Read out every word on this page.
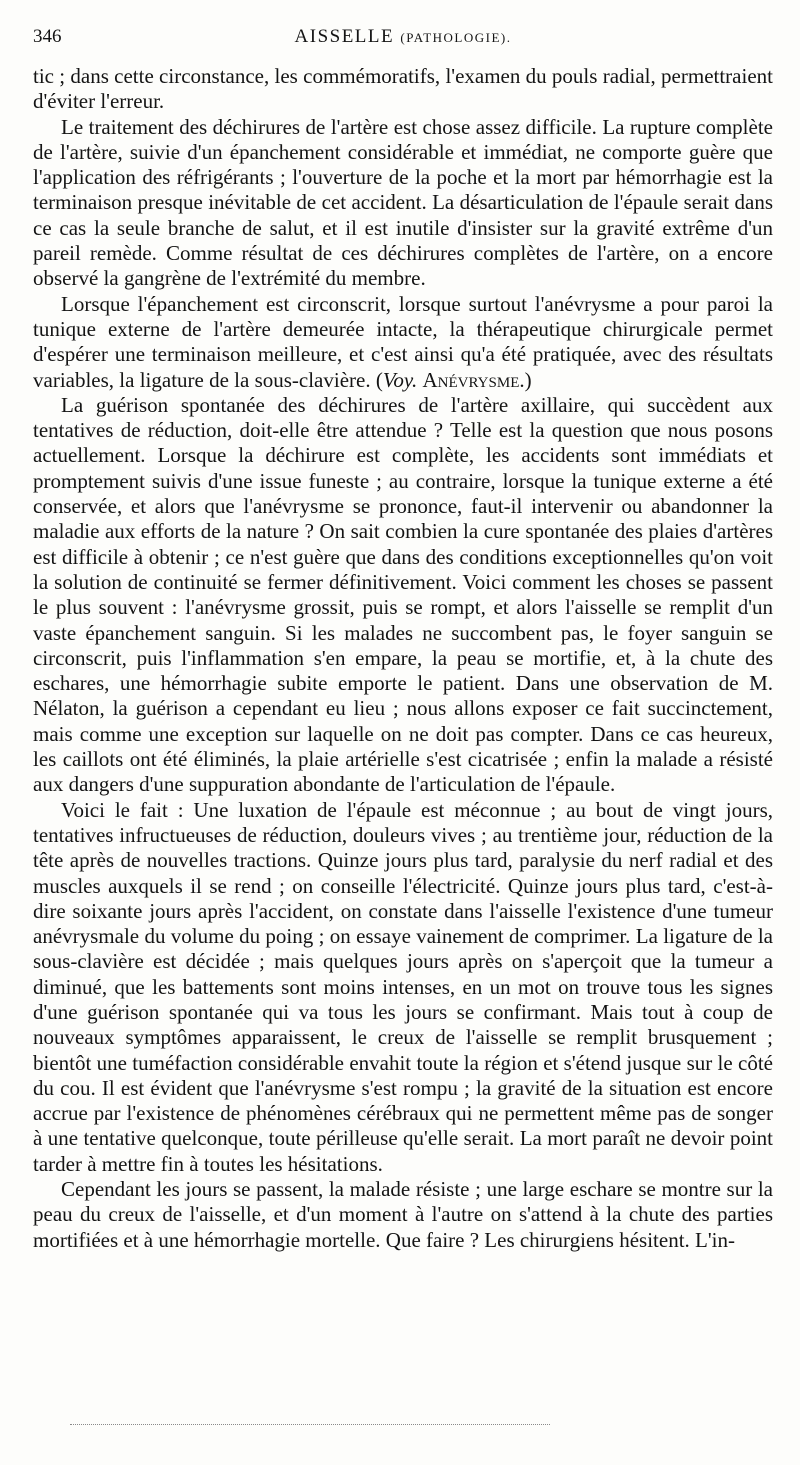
346	AISSELLE (PATHOLOGIE).

tic ; dans cette circonstance, les commémoratifs, l'examen du pouls radial, permettraient d'éviter l'erreur.

Le traitement des déchirures de l'artère est chose assez difficile. La rupture complète de l'artère, suivie d'un épanchement considérable et immédiat, ne comporte guère que l'application des réfrigérants ; l'ouverture de la poche et la mort par hémorrhagie est la terminaison presque inévitable de cet accident. La désarticulation de l'épaule serait dans ce cas la seule branche de salut, et il est inutile d'insister sur la gravité extrême d'un pareil remède. Comme résultat de ces déchirures complètes de l'artère, on a encore observé la gangrène de l'extrémité du membre.

Lorsque l'épanchement est circonscrit, lorsque surtout l'anévrysme a pour paroi la tunique externe de l'artère demeurée intacte, la thérapeutique chirurgicale permet d'espérer une terminaison meilleure, et c'est ainsi qu'a été pratiquée, avec des résultats variables, la ligature de la sous-clavière. (Voy. Anévrysme.)

La guérison spontanée des déchirures de l'artère axillaire, qui succèdent aux tentatives de réduction, doit-elle être attendue ? Telle est la question que nous posons actuellement. Lorsque la déchirure est complète, les accidents sont immédiats et promptement suivis d'une issue funeste ; au contraire, lorsque la tunique externe a été conservée, et alors que l'anévrysme se prononce, faut-il intervenir ou abandonner la maladie aux efforts de la nature ? On sait combien la cure spontanée des plaies d'artères est difficile à obtenir ; ce n'est guère que dans des conditions exceptionnelles qu'on voit la solution de continuité se fermer définitivement. Voici comment les choses se passent le plus souvent : l'anévrysme grossit, puis se rompt, et alors l'aisselle se remplit d'un vaste épanchement sanguin. Si les malades ne succombent pas, le foyer sanguin se circonscrit, puis l'inflammation s'en empare, la peau se mortifie, et, à la chute des eschares, une hémorrhagie subite emporte le patient. Dans une observation de M. Nélaton, la guérison a cependant eu lieu ; nous allons exposer ce fait succinctement, mais comme une exception sur laquelle on ne doit pas compter. Dans ce cas heureux, les caillots ont été éliminés, la plaie artérielle s'est cicatrisée ; enfin la malade a résisté aux dangers d'une suppuration abondante de l'articulation de l'épaule.

Voici le fait : Une luxation de l'épaule est méconnue ; au bout de vingt jours, tentatives infructueuses de réduction, douleurs vives ; au trentième jour, réduction de la tête après de nouvelles tractions. Quinze jours plus tard, paralysie du nerf radial et des muscles auxquels il se rend ; on conseille l'électricité. Quinze jours plus tard, c'est-à-dire soixante jours après l'accident, on constate dans l'aisselle l'existence d'une tumeur anévrysmale du volume du poing ; on essaye vainement de comprimer. La ligature de la sous-clavière est décidée ; mais quelques jours après on s'aperçoit que la tumeur a diminué, que les battements sont moins intenses, en un mot on trouve tous les signes d'une guérison spontanée qui va tous les jours se confirmant. Mais tout à coup de nouveaux symptômes apparaissent, le creux de l'aisselle se remplit brusquement ; bientôt une tuméfaction considérable envahit toute la région et s'étend jusque sur le côté du cou. Il est évident que l'anévrysme s'est rompu ; la gravité de la situation est encore accrue par l'existence de phénomènes cérébraux qui ne permettent même pas de songer à une tentative quelconque, toute périlleuse qu'elle serait. La mort paraît ne devoir point tarder à mettre fin à toutes les hésitations.

Cependant les jours se passent, la malade résiste ; une large eschare se montre sur la peau du creux de l'aisselle, et d'un moment à l'autre on s'attend à la chute des parties mortifiées et à une hémorrhagie mortelle. Que faire ? Les chirurgiens hésitent. L'in-
